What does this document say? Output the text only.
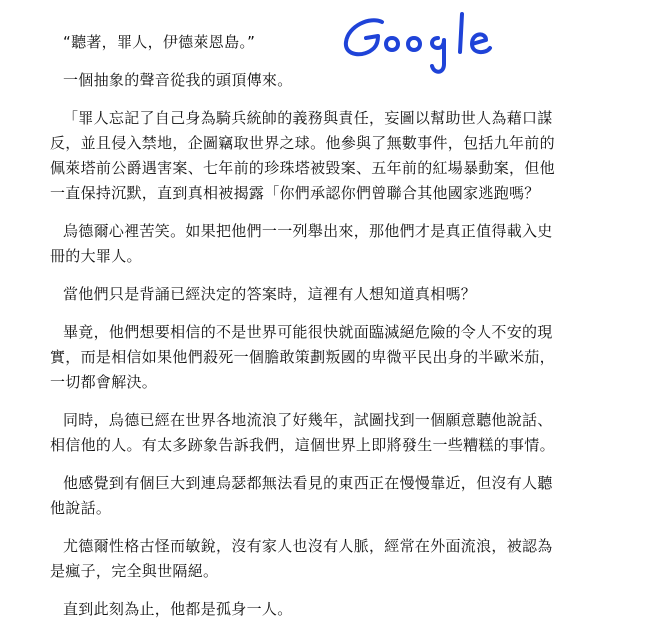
“聽著，罪人，伊德萊恩島。”

一個抽象的聲音從我的頭頂傳來。

「罪人忘記了自己身為騎兵統帥的義務與責任，妄圖以幫助世人為藉口謀反，並且侵入禁地，企圖竊取世界之球。他參與了無數事件，包括九年前的佩萊塔前公爵遇害案、七年前的珍珠塔被毀案、五年前的紅場暴動案，但他一直保持沉默，直到真相被揭露「你們承認你們曾聯合其他國家逃跑嗎？

烏德爾心裡苦笑。如果把他們一一列舉出來，那他們才是真正值得載入史冊的大罪人。

當他們只是背誦已經決定的答案時，這裡有人想知道真相嗎？

畢竟，他們想要相信的不是世界可能很快就面臨滅絕危險的令人不安的現實，而是相信如果他們殺死一個膽敢策劃叛國的卑微平民出身的半歐米茄，一切都會解決。

同時，烏德已經在世界各地流浪了好幾年，試圖找到一個願意聽他說話、相信他的人。有太多跡象告訴我們，這個世界上即將發生一些糟糕的事情。

他感覺到有個巨大到連烏瑟都無法看見的東西正在慢慢靠近，但沒有人聽他說話。

尤德爾性格古怪而敏銳，沒有家人也沒有人脈，經常在外面流浪，被認為是瘋子，完全與世隔絕。

直到此刻為止，他都是孤身一人。
